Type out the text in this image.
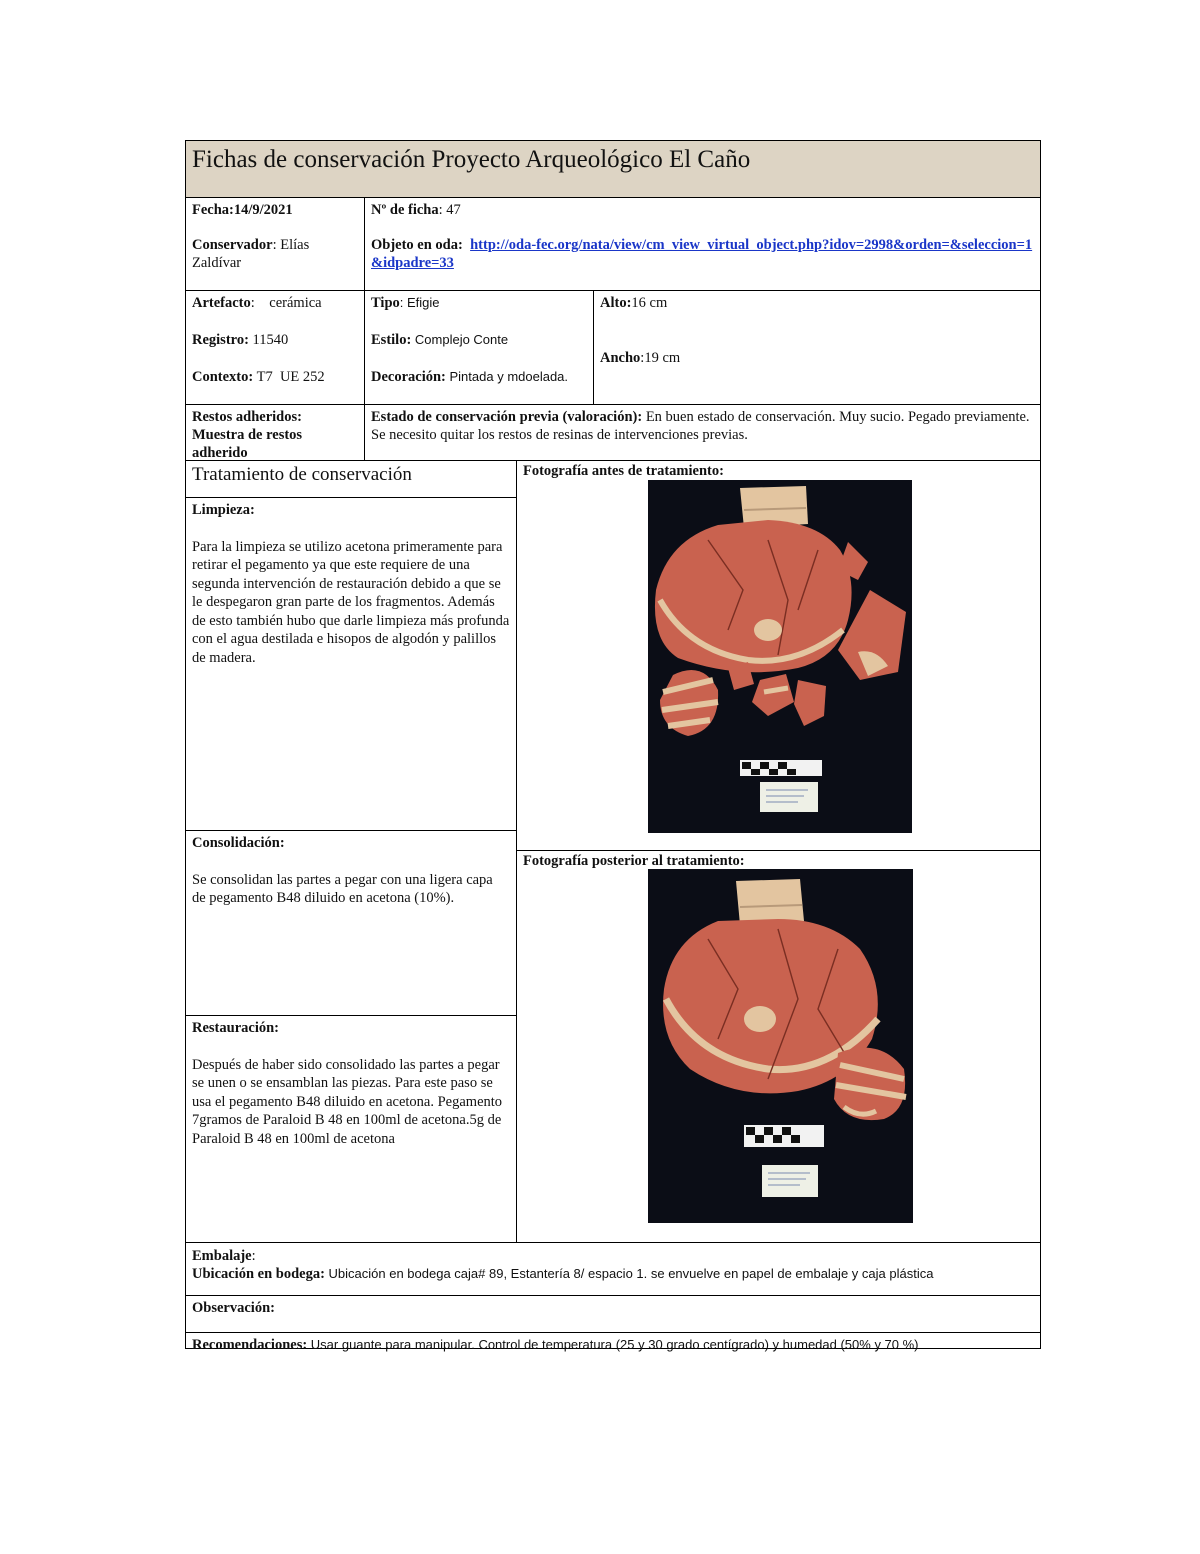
Fichas de conservación Proyecto Arqueológico El Caño

Fecha:14/9/2021

Conservador: Elías Zaldívar

Nº de ficha: 47

Objeto en oda: http://oda-fec.org/nata/view/cm_view_virtual_object.php?idov=2998&orden=&seleccion=1&idpadre=33

Artefacto:    cerámica

Registro: 11540

Contexto: T7  UE 252

Tipo: Efigie

Estilo: Complejo Conte

Decoración: Pintada y mdoelada.

Alto:16 cm

Ancho:19 cm

Restos adheridos:

Muestra de restos adherido

Estado de conservación previa (valoración): En buen estado de conservación. Muy sucio. Pegado previamente. Se necesito quitar los restos de resinas de intervenciones previas.

Tratamiento de conservación

Limpieza:

Para la limpieza se utilizo acetona primeramente para retirar el pegamento ya que este requiere de una segunda intervención de restauración debido a que se le despegaron gran parte de los fragmentos. Además de esto también hubo que darle limpieza más profunda con el agua destilada e hisopos de algodón y palillos de madera.

Consolidación:

Se consolidan las partes a pegar con una ligera capa de pegamento B48 diluido en acetona (10%).

Restauración:

Después de haber sido consolidado las partes a pegar se unen o se ensamblan las piezas. Para este paso se usa el pegamento B48 diluido en acetona. Pegamento 7gramos de Paraloid B 48 en 100ml de acetona.5g de Paraloid B 48 en 100ml de acetona

Fotografía antes de tratamiento:
Fotografía posterior al tratamiento:

Embalaje:

Ubicación en bodega: Ubicación en bodega caja# 89, Estantería 8/ espacio 1. se envuelve en papel de embalaje y caja plástica

Observación:
Recomendaciones: Usar guante para manipular. Control de temperatura (25 y 30 grado centígrado) y humedad (50% y 70 %)
